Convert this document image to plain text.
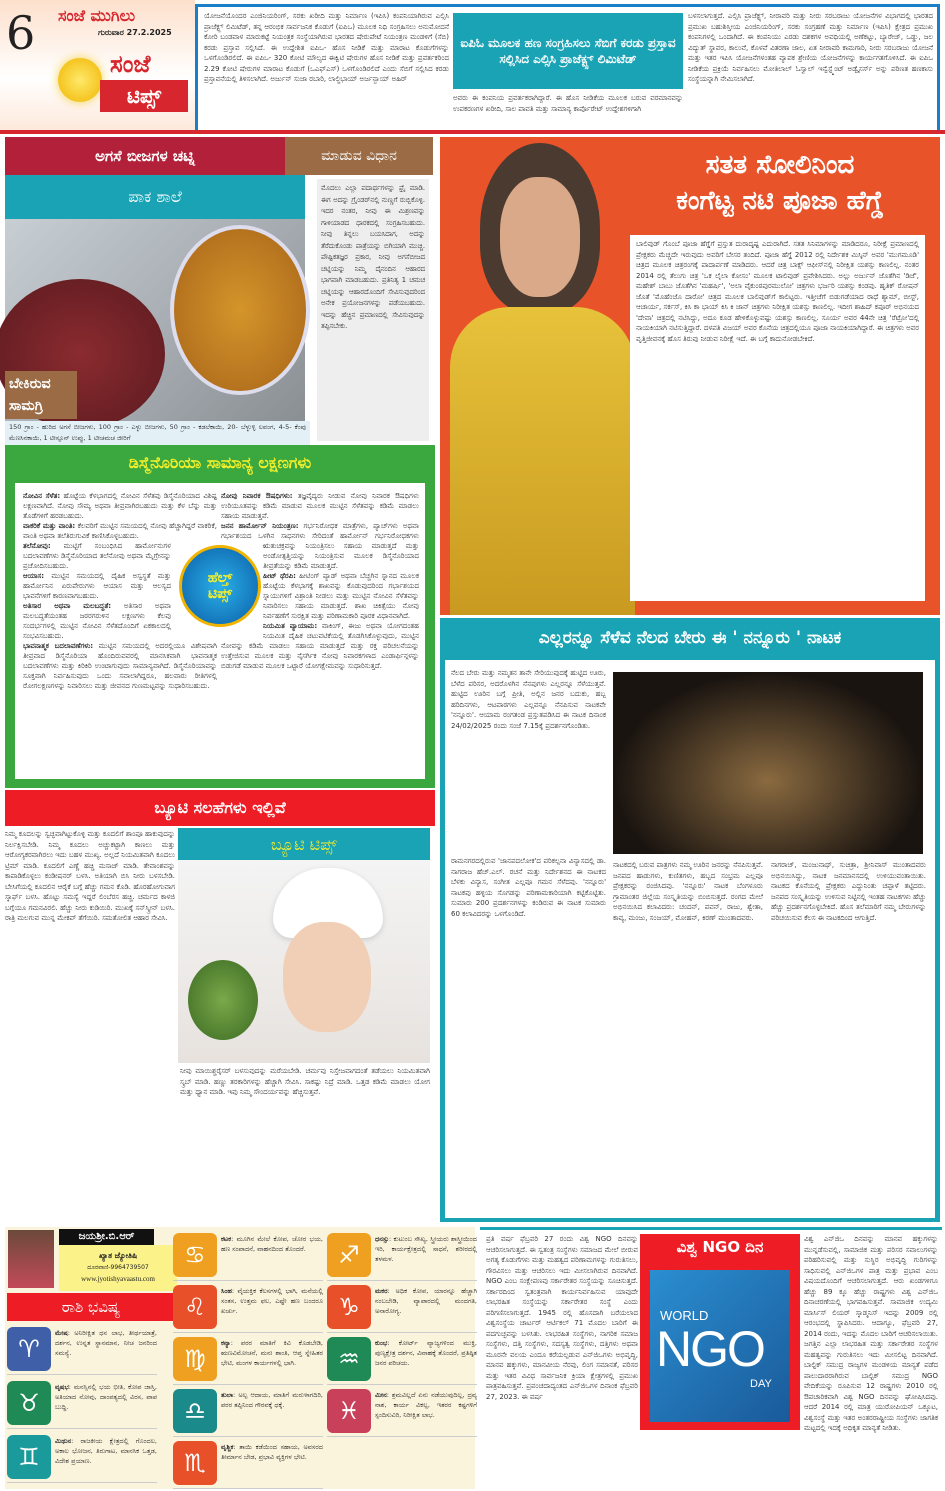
6 ಸಂಜೆ ಮುಗಿಲು
ಗುರುವಾರ 27.2.2025
ಸಂಜೆ
ಟಿಪ್ಸ್
ಯೋಜನೆಯೊಂದರ ಎಂಜಿನಿಯರಿಂಗ್, ಸರಕು ಖರೀದಿ ಮತ್ತು ನಿರ್ಮಾಣ (ಇಪಿಸಿ) ಕಂಪನಿಯಾಗಿರುವ ಎಲ್ಸಿಸಿ ಪ್ರಾಜೆಕ್ಟ್ಸ್ ಲಿಮಿಟೆಡ್, ತನ್ನ ಆರಂಭಿಕ ಸಾರ್ವಜನಿಕ ಕೊಡುಗೆ (ಐಪಿಒ) ಮೂಲಕ ನಿಧಿ ಸಂಗ್ರಹಿಸಲು ಅನುಮೋದನೆ ಕೋರಿ ಬಂಡವಾಳ ಮಾರುಕಟ್ಟೆ ನಿಯಂತ್ರಕ ಸಂಸ್ಥೆಯಾಗಿರುವ ಭಾರತದ ಷೇರುಪೇಟೆ ನಿಯಂತ್ರಣ ಮಂಡಳಿಗೆ (ಸೆಬಿ) ಕರಡು ಪ್ರಸ್ತಾವ ಸಲ್ಲಿಸಿದೆ. ಈ ಉದ್ದೇಶಿತ ಐಪಿಒ- ಹೊಸ ನೀಡಿಕೆ ಮತ್ತು ಮಾರಾಟ ಕೊಡುಗೆಗಳನ್ನು ಒಳಗೊಂಡಿರಲಿದೆ. ಈ ಐಪಿಒ- 320 ಕೋಟಿ ಮೌಲ್ಯದ ಈಕ್ವಿಟಿ ಷೇರುಗಳ ಹೊಸ ನೀಡಿಕೆ ಮತ್ತು ಪ್ರವರ್ತಕರಿಂದ 2.29 ಕೋಟಿ ಷೇರುಗಳ ಮಾರಾಟ ಕೊಡುಗೆ (ಒಎಫ್ಎಸ್) ಒಳಗೊಂಡಿರಲಿದೆ ಎಂದು ಸೆಬಿಗೆ ಸಲ್ಲಿಸಿದ ಕರಡು ಪ್ರಸ್ತಾವನೆಯಲ್ಲಿ ತಿಳಿಸಲಾಗಿದೆ. ಅರ್ಜುನ್ ಸುಜಾ ರಬಾರಿ, ಲಾಲ್ಜಿಭಾಯ್ ಅರ್ಜನ್ಭಾಯ್ ಅಹಿರ್
ಐಪಿಓ ಮೂಲಕ ಹಣ ಸಂಗ್ರಹಿಸಲು ಸೆಬಿಗೆ ಕರಡು ಪ್ರಸ್ತಾವ ಸಲ್ಲಿಸಿದ ಎಲ್ಸಿಸಿ ಪ್ರಾಜೆಕ್ಟ್ಸ್ ಲಿಮಿಟೆಡ್
ಅವರು ಈ ಕಂಪನಿಯ ಪ್ರವರ್ತಕರಾಗಿದ್ದಾರೆ. ಈ ಹೊಸ ನೀಡಿಕೆಯ ಮೂಲಕ ಬರುವ ವರಮಾನವನ್ನು ಉಪಕರಣಗಳ ಖರೀದಿ, ಸಾಲ ಪಾವತಿ ಮತ್ತು ಸಾಮಾನ್ಯ ಕಾರ್ಪೊರೇಟ್ ಉದ್ದೇಶಗಳಿಗಾಗಿ
ಬಳಸಲಾಗುತ್ತದೆ. ಎಲ್ಸಿಸಿ ಪ್ರಾಜೆಕ್ಟ್ಸ್, ನೀರಾವರಿ ಮತ್ತು ನೀರು ಸರಬರಾಜು ಯೋಜನೆಗಳ ವಿಭಾಗದಲ್ಲಿ ಭಾರತದ ಪ್ರಮುಖ ಬಹುಶಿಸ್ತೀಯ ಎಂಜಿನಿಯರಿಂಗ್, ಸರಕು ಸಂಗ್ರಹಣೆ ಮತ್ತು ನಿರ್ಮಾಣ (ಇಪಿಸಿ) ಕ್ಷೇತ್ರದ ಪ್ರಮುಖ ಕಂಪನಿಗಳಲ್ಲಿ ಒಂದಾಗಿದೆ. ಈ ಕಂಪನಿಯು ಎರಡು ದಶಕಗಳ ಅವಧಿಯಲ್ಲಿ ಅಣೆಕಟ್ಟು, ಬ್ಯಾರೇಜ್, ಒಡ್ಡು, ಜಲ ವಿದ್ಯುತ್ ಸ್ಥಾವರ, ಕಾಲುವೆ, ಕೊಳವೆ ವಿತರಣಾ ಜಾಲ, ಏತ ನೀರಾವರಿ ಕಾಮಗಾರಿ, ನೀರು ಸರಬರಾಜು ಯೋಜನೆ ಮತ್ತು ಇತರ ಇಪಿಸಿ ಯೋಜನೆಗಳಂತಹ ವ್ಯಾಪಕ ಶ್ರೇಣಿಯ ಯೋಜನೆಗಳನ್ನು ಕಾರ್ಯಗತಗೊಳಿಸಿದೆ. ಈ ಐಪಿಒ ನೀಡಿಕೆಯ ಪ್ರಕ್ರಿಯೆ ನಿರ್ವಹಿಸಲು ಮೋತಿಲಾಲ್ ಓಸ್ವಾಲ್ ಇನ್ವೆಸ್ಟ್ಮೆಂಟ್ ಅಡ್ವೈಸರ್ಸ್ ಅನ್ನು ಪರಿಣತ ಹಣಕಾಸು ಸಂಸ್ಥೆಯನ್ನಾಗಿ ನೇಮಿಸಲಾಗಿದೆ.
ಅಗಸೆ ಬೀಜಗಳ ಚಟ್ನಿ	ಮಾಡುವ ವಿಧಾನ
ಪಾಕ ಶಾಲೆ
ಬೇಕಿರುವ ಸಾಮಗ್ರಿ
150 ಗ್ರಾಂ - ಹುರಿದ ಅಗಸೆ ಬೀಜಗಳು, 100 ಗ್ರಾಂ - ಎಳ್ಳು ಬೀಜಗಳು, 50 ಗ್ರಾಂ - ಕಡಲೆಕಾಯಿ, 20- ಬೆಳ್ಳುಳ್ಳಿ ಲವಂಗ, 4-5- ಕೆಂಪು ಮೆಣಸಿನಕಾಯಿ, 1 ಟೀಸ್ಪೂನ್ ಉಪ್ಪು, 1 ಟೀಚಮಚ ಜೀರಿಗೆ
ಮೊದಲು ಎಲ್ಲಾ ಪದಾರ್ಥಗಳನ್ನು ಫ್ರೈ ಮಾಡಿ. ಈಗ ಅದನ್ನು ಗ್ರೈಂಡರ್‌ನಲ್ಲಿ ನುಣ್ಣಗೆ ರುಬ್ಬಿಕೊಳ್ಳಿ. ಇದರ ನಂತರ, ನೀವು ಈ ಮಿಶ್ರಣವನ್ನು ಗಾಳಿಯಾಡದ ಧಾರಕದಲ್ಲಿ ಸಂಗ್ರಹಿಸಬಹುದು. ನೀವು ತಿನ್ನಲು ಬಯಸಿದಾಗ, ಅದನ್ನು ತೆರೆದುಕೊಂಡು ಪಾತ್ರೆಯನ್ನು ಬಿಗಿಯಾಗಿ ಮುಚ್ಚಿ. ಪೌಷ್ಟಿಕತಜ್ಞರ ಪ್ರಕಾರ, ನೀವು ಅಗಸೆಬೀಜದ ಚಟ್ನಿಯನ್ನು ನಿಮ್ಮ ದೈನಂದಿನ ಆಹಾರದ ಭಾಗವಾಗಿ ಮಾಡಬಹುದು. ಪ್ರತಿನಿತ್ಯ 1 ಚಮಚ ಚಟ್ನಿಯನ್ನು ಆಹಾರದೊಂದಿಗೆ ಸೇವಿಸುವುದರಿಂದ ಅನೇಕ ಪ್ರಯೋಜನಗಳನ್ನು ಪಡೆಯಬಹುದು. ಇದನ್ನು ಹೆಚ್ಚಿನ ಪ್ರಮಾಣದಲ್ಲಿ ಸೇವಿಸುವುದನ್ನು ತಪ್ಪಿಸಬೇಕು.
ಡಿಸ್ಮೆನೊರಿಯಾ ಸಾಮಾನ್ಯ ಲಕ್ಷಣಗಳು
ನೋವಿನ ಸೆಳೆತ: ಹೊಟ್ಟೆಯ ಕೆಳಭಾಗದಲ್ಲಿ ನೋವಿನ ಸೆಳೆತವು ಡಿಸ್ಮೆನೊರಿಯಾದ ವಿಶಿಷ್ಟ ಲಕ್ಷಣವಾಗಿದೆ. ನೋವು ಸೌಮ್ಯ ಅಥವಾ ತೀವ್ರವಾಗಿರಬಹುದು ಮತ್ತು ಕೆಳ ಬೆನ್ನು ಮತ್ತು ತೊಡೆಗಳಿಗೆ ಹರಡಬಹುದು.
ವಾಕರಿಕೆ ಮತ್ತು ವಾಂತಿ: ಕೆಲವರಿಗೆ ಮುಟ್ಟಿನ ಸಮಯದಲ್ಲಿ ನೋವು ಹೆಚ್ಚಾಗಿದ್ದರೆ ವಾಕರಿಕೆ, ವಾಂತಿ ಅಥವಾ ತಲೆತಿರುಗುವಿಕೆ ಕಾಣಿಸಿಕೊಳ್ಳಬಹುದು.
ತಲೆನೋವು: ಮುಟ್ಟಿಗೆ ಸಂಬಂಧಿಸಿದ ಹಾರ್ಮೋನುಗಳ ಬದಲಾವಣೆಗಳು ಡಿಸ್ಮೆನೊರಿಯಾದ ತಲೆನೋವು ಅಥವಾ ಮೈಗ್ರೇನನ್ನು ಪ್ರಚೋದಿಸಬಹುದು.
ಆಯಾಸ: ಮುಟ್ಟಿನ ಸಮಯದಲ್ಲಿ ದೈಹಿಕ ಅಸ್ವಸ್ಥತೆ ಮತ್ತು ಹಾರ್ಮೋನಿನ ಏರುಪೇರುಗಳು ಆಯಾಸ ಮತ್ತು ಆಲಸ್ಯದ ಭಾವನೆಗಳಿಗೆ ಕಾರಣವಾಗಬಹುದು.
ಅತಿಸಾರ ಅಥವಾ ಮಲಬದ್ಧತೆ: ಅತಿಸಾರ ಅಥವಾ ಮಲಬದ್ಧತೆಯಂತಹ ಜಠರಗರುಳಿನ ಲಕ್ಷಣಗಳು ಕೆಲವು ಸಂದರ್ಭಗಳಲ್ಲಿ ಮುಟ್ಟಿನ ನೋವಿನ ಸೆಳೆತದೊಂದಿಗೆ ಏಕಕಾಲದಲ್ಲಿ ಸಂಭವಿಸಬಹುದು.
ಭಾವನಾತ್ಮಕ ಬದಲಾವಣೆಗಳು: ಮುಟ್ಟಿನ ಸಮಯದಲ್ಲಿ ಅದರಲ್ಲಿಯೂ ವಿಶೇಷವಾಗಿ ತೀವ್ರವಾದ ಡಿಸ್ಮೆನೊರಿಯಾ ಹೊಂದಿರುವವರಲ್ಲಿ ಮಾನಸಿಕವಾಗಿ ಭಾವನಾತ್ಮಕ ಬದಲಾವಣೆಗಳು ಮತ್ತು ಕಿರಿಕಿರಿ ಉಂಟಾಗುವುದು ಸಾಮಾನ್ಯವಾಗಿದೆ. ಡಿಸ್ಮೆನೊರಿಯಾವನ್ನು ಸೂಕ್ತವಾಗಿ ನಿರ್ವಹಿಸುವುದು ಒಂದು ಸವಾಲಾಗಿದ್ದರೂ, ಹಲವಾರು ರೀತಿಗಳಲ್ಲಿ ರೋಗಲಕ್ಷಣಗಳನ್ನು ನಿವಾರಿಸಲು ಮತ್ತು ಜೀವನದ ಗುಣಮಟ್ಟವನ್ನು ಸುಧಾರಿಸಬಹುದು.
ನೋವು ನಿವಾರಕ ಔಷಧಿಗಳು: ತಜ್ಞವೈದ್ಯರು ನೀಡುವ ನೋವು ನಿವಾರಕ ಔಷಧಿಗಳು ಉರಿಯೂತವನ್ನು ಕಡಿಮೆ ಮಾಡುವ ಮೂಲಕ ಮುಟ್ಟಿನ ಸೆಳೆತವನ್ನು ಕಡಿಮೆ ಮಾಡಲು ಸಹಾಯ ಮಾಡುತ್ತವೆ.
ಜನನ ಹಾರ್ಮೋನ್ ನಿಯಂತ್ರಣ: ಗರ್ಭನಿರೋಧಕ ಮಾತ್ರೆಗಳು, ಪ್ಯಾಚ್‌ಗಳು ಅಥವಾ ಗರ್ಭಾಶಯದ ಒಳಗಿನ ಸಾಧನಗಳು ಸೇರಿದಂತೆ ಹಾರ್ಮೋನ್ ಗರ್ಭನಿರೋಧಕಗಳು ಋತುಚಕ್ರವನ್ನು ನಿಯಂತ್ರಿಸಲು ಸಹಾಯ ಮಾಡುತ್ತದೆ ಮತ್ತು ಅಂಡೋತ್ಪತ್ತಿಯನ್ನು ನಿಯಂತ್ರಿಸುವ ಮೂಲಕ ಡಿಸ್ಮೆನೊರಿಯಾದ ತೀವ್ರತೆಯನ್ನು ಕಡಿಮೆ ಮಾಡುತ್ತದೆ.
ಹೀಟ್ ಥೆರಪಿ: ಹೀಟಿಂಗ್ ಪ್ಯಾಡ್ ಅಥವಾ ಬೆಚ್ಚಗಿನ ಸ್ನಾನದ ಮೂಲಕ ಹೊಟ್ಟೆಯ ಕೆಳಭಾಗಕ್ಕೆ ಶಾಖವನ್ನು ಕೊಡುವುದರಿಂದ ಗರ್ಭಾಶಯದ ಸ್ನಾಯುಗಳಿಗೆ ವಿಶ್ರಾಂತಿ ನೀಡಲು ಮತ್ತು ಮುಟ್ಟಿನ ನೋವಿನ ಸೆಳೆತವನ್ನು ನಿವಾರಿಸಲು ಸಹಾಯ ಮಾಡುತ್ತದೆ. ಶಾಖ ಚಿಕಿತ್ಸೆಯು ನೋವು ನಿರ್ವಹಣೆಗೆ ಸುರಕ್ಷಿತ ಮತ್ತು ಪರಿಣಾಮಕಾರಿ ಪೂರಕ ವಿಧಾನವಾಗಿದೆ.
ನಿಯಮಿತ ವ್ಯಾಯಾಮ: ವಾಕಿಂಗ್, ಈಜು ಅಥವಾ ಯೋಗದಂತಹ ನಿಯಮಿತ ದೈಹಿಕ ಚಟುವಟಿಕೆಯಲ್ಲಿ ತೊಡಗಿಸಿಕೊಳ್ಳುವುದು, ಮುಟ್ಟಿನ ನೋವನ್ನು ಕಡಿಮೆ ಮಾಡಲು ಸಹಾಯ ಮಾಡುತ್ತದೆ ಮತ್ತು ರಕ್ತ ಪರಿಚಲನೆಯನ್ನು ಉತ್ತೇಜಿಸುವ ಮೂಲಕ ಮತ್ತು ನೈಸರ್ಗಿಕ ನೋವು ನಿವಾರಕಗಳಾದ ಎಂಡಾರ್ಫಿನ್ಗಳನ್ನು ಬಿಡುಗಡೆ ಮಾಡುವ ಮೂಲಕ ಒಟ್ಟಾರೆ ಯೋಗಕ್ಷೇಮವನ್ನು ಸುಧಾರಿಸುತ್ತದೆ.
ಹೆಲ್ತ್
ಟಿಪ್ಸ್
ಬ್ಯೂಟಿ ಸಲಹೆಗಳು ಇಲ್ಲಿವೆ
ನಿಮ್ಮ ಕೂದಲನ್ನು ಸ್ವಚ್ಛವಾಗಿಟ್ಟುಕೊಳ್ಳಿ ಮತ್ತು ಕೂದಲಿಗೆ ಶಾಂಪೂ ಹಾಕುವುದನ್ನು ನಿರ್ಲಕ್ಷಿಸಬೇಡಿ. ನಿಮ್ಮ ಕೂದಲು ಅಚ್ಚುಕಟ್ಟಾಗಿ ಕಾಣಲು ಮತ್ತು ಆರೋಗ್ಯಕರವಾಗಿರಲು ಇದು ಬಹಳ ಮುಖ್ಯ. ಅಲ್ಲದೆ ನಿಯಮಿತವಾಗಿ ಕೂದಲು ಟ್ರಿಮ್ ಮಾಡಿ. ಕೂದಲಿಗೆ ಎಣ್ಣೆ ಹಚ್ಚಿ ಮಸಾಜ್ ಮಾಡಿ. ತೇವಾಂಶವನ್ನು ಕಾಪಾಡಿಕೊಳ್ಳಲು ಕಂಡೀಷನರ್ ಬಳಸಿ. ಅತಿಯಾಗಿ ಬಿಸಿ ನೀರು ಬಳಸಬೇಡಿ. ಬೇಸಿಗೆಯಲ್ಲಿ ಕೂದಲಿನ ಆರೈಕೆ ಬಗ್ಗೆ ಹೆಚ್ಚು ಗಮನ ಕೊಡಿ. ಹೊರಹೋಗುವಾಗ ಸ್ಕಾರ್ಫ್ ಬಳಸಿ. ಹೊಟ್ಟು ಸಮಸ್ಯೆ ಇದ್ದರೆ ಲಿಂಬೆರಸ ಹಚ್ಚಿ. ಚರ್ಮದ ಕಾಳಜಿ ಬಗ್ಗೆಯೂ ಗಮನವಿರಲಿ. ಹೆಚ್ಚು ನೀರು ಕುಡಿಯಿರಿ. ಮುಖಕ್ಕೆ ಸನ್‌ಸ್ಕ್ರೀನ್ ಬಳಸಿ. ರಾತ್ರಿ ಮಲಗುವ ಮುನ್ನ ಮೇಕಪ್ ತೆಗೆಯಿರಿ. ಸಮತೋಲಿತ ಆಹಾರ ಸೇವಿಸಿ.
ಬ್ಯೂಟಿ ಟಿಪ್ಸ್
ನೀವು ಮಾಯಿಶ್ಚರೈಸರ್ ಬಳಸುವುದನ್ನು ಮರೆಯಬೇಡಿ. ಚರ್ಮವು ನಿಸ್ತೇಜವಾಗದಂತೆ ತಡೆಯಲು ನಿಯಮಿತವಾಗಿ ಸ್ಕ್ರಬ್ ಮಾಡಿ. ಹಣ್ಣು ತರಕಾರಿಗಳನ್ನು ಹೆಚ್ಚಾಗಿ ಸೇವಿಸಿ. ಸಾಕಷ್ಟು ನಿದ್ರೆ ಮಾಡಿ. ಒತ್ತಡ ಕಡಿಮೆ ಮಾಡಲು ಯೋಗ ಮತ್ತು ಧ್ಯಾನ ಮಾಡಿ. ಇವು ನಿಮ್ಮ ಸೌಂದರ್ಯವನ್ನು ಹೆಚ್ಚಿಸುತ್ತವೆ.
ಸತತ ಸೋಲಿನಿಂದ
ಕಂಗೆಟ್ಟ ನಟಿ ಪೂಜಾ ಹೆಗ್ಡೆ
ಬಾಲಿವುಡ್ ಗೊಂಬೆ ಪೂಜಾ ಹೆಗ್ಡೆಗೆ ಪ್ರಸ್ತುತ ದುರಾದೃಷ್ಟ ಎದುರಾಗಿದೆ. ಸತತ ಸಿನಿಮಾಗಳನ್ನು ಮಾಡಿದರೂ, ನಿರೀಕ್ಷೆ ಪ್ರಮಾಣದಲ್ಲಿ ಪ್ರೇಕ್ಷಕರು ಮೆಚ್ಚದೇ ಇರುವುದು ಅವರಿಗೆ ಬೇಸರ ತಂದಿದೆ. ಪೂಜಾ ಹೆಗ್ಡೆ 2012 ರಲ್ಲಿ ನಿರ್ದೇಶಕ ಮಿಸ್ಕಿನ್ ಅವರ 'ಮುಗಮೂಡಿ' ಚಿತ್ರದ ಮೂಲಕ ಚಿತ್ರರಂಗಕ್ಕೆ ಪಾದಾರ್ಪಣೆ ಮಾಡಿದರು. ಆದರೆ ಚಿತ್ರ ಬಾಕ್ಸ್ ಆಫೀಸ್‌ನಲ್ಲಿ ನಿರೀಕ್ಷಿತ ಯಶಸ್ಸು ಕಾಣಲಿಲ್ಲ. ನಂತರ 2014 ರಲ್ಲಿ ತೆಲುಗು ಚಿತ್ರ 'ಒಕ ಲೈಲಾ ಕೋಸಂ' ಮೂಲಕ ಟಾಲಿವುಡ್ ಪ್ರವೇಶಿಸಿದರು. ಅಲ್ಲು ಅರ್ಜುನ್ ಜೊತೆಗಿನ 'ಡಿಜೆ', ಮಹೇಶ್ ಬಾಬು ಜೊತೆಗಿನ 'ಮಹರ್ಷಿ', 'ಅಲಾ ವೈಕುಂಠಪುರಮುಲೋ' ಚಿತ್ರಗಳು ಭರ್ಜರಿ ಯಶಸ್ಸು ಕಂಡವು. ಹೃತಿಕ್ ರೋಷನ್ ಜೊತೆ 'ಮೊಹೆಂಜೊ ದಾರೋ' ಚಿತ್ರದ ಮೂಲಕ ಬಾಲಿವುಡ್‌ಗೆ ಕಾಲಿಟ್ಟರು. ಇತ್ತೀಚೆಗೆ ಬಿಡುಗಡೆಯಾದ ರಾಧೆ ಶ್ಯಾಮ್, ಬೀಸ್ಟ್, ಆಚಾರ್ಯ, ಸರ್ಕಸ್, ಕಿಸಿ ಕಾ ಭಾಯ್ ಕಿಸಿ ಕಿ ಜಾನ್ ಚಿತ್ರಗಳು ನಿರೀಕ್ಷಿತ ಯಶಸ್ಸು ಕಾಣಲಿಲ್ಲ. ಇದೀಗ ಶಾಹಿದ್ ಕಪೂರ್ ಅಭಿನಯದ 'ದೇವಾ' ಚಿತ್ರದಲ್ಲಿ ನಟಿಸಿದ್ದು, ಅದೂ ಕೂಡ ಹೇಳಿಕೊಳ್ಳುವಷ್ಟು ಯಶಸ್ಸು ಕಾಣಲಿಲ್ಲ. ಸೂರ್ಯ ಅವರ 44ನೇ ಚಿತ್ರ 'ರೆಟ್ರೋ'ದಲ್ಲಿ ನಾಯಕಿಯಾಗಿ ನಟಿಸುತ್ತಿದ್ದಾರೆ. ದಳಪತಿ ವಿಜಯ್ ಅವರ ಕೊನೆಯ ಚಿತ್ರದಲ್ಲಿಯೂ ಪೂಜಾ ನಾಯಕಿಯಾಗಿದ್ದಾರೆ. ಈ ಚಿತ್ರಗಳು ಅವರ ವೃತ್ತಿಜೀವನಕ್ಕೆ ಹೊಸ ತಿರುವು ನೀಡುವ ನಿರೀಕ್ಷೆ ಇದೆ. ಈ ಬಗ್ಗೆ ಕಾದುನೋಡಬೇಕಿದೆ.
ಎಲ್ಲರನ್ನೂ ಸೆಳೆವ ನೆಲದ ಬೇರು ಈ ' ನನ್ನೂರು ' ನಾಟಕ
ನೆಲದ ಬೇರು ಮತ್ತು ನಮ್ಮತನ ತಾನೇ ಸೇರಿಯುವುದಕ್ಕೆ ಹುಟ್ಟಿದ ಊರು, ಬೆಳೆದ ಪರಿಸರ, ಅದರೊಳಗಿನ ನೆನಪುಗಳು ಎಲ್ಲರನ್ನೂ ಸೆಳೆಯುತ್ತವೆ. ಹುಟ್ಟಿದ ಊರಿನ ಬಗ್ಗೆ ಪ್ರೀತಿ, ಅಲ್ಲಿನ ಜನರ ಬದುಕು, ಹಬ್ಬ ಹರಿದಿನಗಳು, ಆಟಪಾಠಗಳು ಎಲ್ಲವನ್ನೂ ನೆನಪಿಸುವ ನಾಟಕವೇ 'ನನ್ನೂರು'. ಆಯಾಮ ರಂಗತಂಡ ಪ್ರಸ್ತುತಪಡಿಸಿದ ಈ ನಾಟಕ ದಿನಾಂಕ 24/02/2025 ರಂದು ಸಂಜೆ 7.15ಕ್ಕೆ ಪ್ರದರ್ಶನಗೊಂಡಿತು.
ರಾಮನಗರದಲ್ಲಿರುವ 'ಜಾನಪದಲೋಕ'ದ ಪರಿಕಲ್ಪನಾ ವಿನ್ಯಾಸದಲ್ಲಿ ಡಾ. ನಾಗರಾಜ ಹೆಚ್.ಎಲ್. ರಚನೆ ಮತ್ತು ನಿರ್ದೇಶನದ ಈ ನಾಟಕದ ಬೆಳಕು ವಿನ್ಯಾಸ, ಸಂಗೀತ ಎಲ್ಲವೂ ಗಮನ ಸೆಳೆದವು. 'ನನ್ನೂರು' ನಾಟಕವು ಹಳ್ಳಿಯ ಸೊಗಡನ್ನು ಪರಿಣಾಮಕಾರಿಯಾಗಿ ಕಟ್ಟಿಕೊಟ್ಟಿತು. ಸುಮಾರು 200 ಪ್ರದರ್ಶನಗಳನ್ನು ಕಂಡಿರುವ ಈ ನಾಟಕ ಸುಮಾರು 60 ಕಲಾವಿದರನ್ನು ಒಳಗೊಂಡಿದೆ.
ನಾಟಕದಲ್ಲಿ ಬರುವ ಪಾತ್ರಗಳು ನಮ್ಮ ಊರಿನ ಜನರನ್ನು ನೆನಪಿಸುತ್ತವೆ. ಜನಪದ ಹಾಡುಗಳು, ಕುಣಿತಗಳು, ಹಬ್ಬದ ಸಂಭ್ರಮ ಎಲ್ಲವೂ ಪ್ರೇಕ್ಷಕರನ್ನು ರಂಜಿಸಿದವು. 'ನನ್ನೂರು' ನಾಟಕ ಬೆಂಗಳೂರು ಗ್ರಾಮಾಂತರ ಜಿಲ್ಲೆಯ ಸಂಸ್ಕೃತಿಯನ್ನು ಬಿಂಬಿಸುತ್ತದೆ. ರಂಗದ ಮೇಲೆ ಅಭಿನಯಿಸಿದ ಕಲಾವಿದರು: ಚಂದನ್, ಪವನ್, ರಾಜು, ಶ್ವೇತಾ, ಕಾವ್ಯ, ಮಂಜು, ಸಂಜಯ್, ಮೋಹನ್, ಕಿರಣ್ ಮುಂತಾದವರು.
ನಾಗರಾಜ್, ಮಂಜುನಾಥ್, ಸುಚಿತ್ರಾ, ಶ್ರೀನಿವಾಸ್ ಮುಂತಾದವರು ಅಭಿನಯಿಸಿದ್ದು, ನಾಟಕ ಜನಮಾನಸದಲ್ಲಿ ಉಳಿಯುವಂತಾಯಿತು. ನಾಟಕದ ಕೊನೆಯಲ್ಲಿ ಪ್ರೇಕ್ಷಕರು ಎದ್ದುನಿಂತು ಚಪ್ಪಾಳೆ ತಟ್ಟಿದರು. ಜನಪದ ಸಂಸ್ಕೃತಿಯನ್ನು ಉಳಿಸುವ ನಿಟ್ಟಿನಲ್ಲಿ ಇಂತಹ ನಾಟಕಗಳು ಹೆಚ್ಚು ಹೆಚ್ಚು ಪ್ರದರ್ಶನಗೊಳ್ಳಬೇಕಿದೆ. ಹೊಸ ತಲೆಮಾರಿಗೆ ನಮ್ಮ ಬೇರುಗಳನ್ನು ಪರಿಚಯಿಸುವ ಕೆಲಸ ಈ ನಾಟಕದಿಂದ ಆಗುತ್ತಿದೆ.
ಜಯಶ್ರೀ.ಬಿ.ಆರ್
ಖ್ಯಾತ ಜ್ಯೋತಿಷಿ
ದೂರವಾಣಿ-9964739507
www.jyotishyavaastu.com
ರಾಶಿ ಭವಿಷ್ಯ
♈
ಮೇಷ: ಅನಿರೀಕ್ಷಿತ ಧನ ಲಾಭ, ತೀರ್ಥಯಾತ್ರೆ, ದರ್ಶನ, ಉನ್ನತ ಸ್ಥಾನಮಾನ, ನೀಚ ಜನರಿಂದ ಸಮಸ್ಯೆ.
♉
ವೃಷಭ: ಮನಸ್ಸಿನಲ್ಲಿ ಭಯ ಭೀತಿ, ಕೋಪ ಜಾಸ್ತಿ, ಅತಿಯಾದ ನೋವು, ದಾಂಪತ್ಯದಲ್ಲಿ ವಿರಸ, ಪಾಪ ಬುದ್ಧಿ.
♊
ಮಿಥುನ: ರಾಜಕೀಯ ಕ್ಷೇತ್ರದಲ್ಲಿ ಗೊಂದಲ, ಅಕಾಲ ಭೋಜನ, ತಿರುಗಾಟ, ಮಾನಸಿಕ ಒತ್ತಡ, ವಿದೇಶ ಪ್ರಯಾಣ.
♋
ಕಟಕ: ಮೂಗಿನ ಮೇಲೆ ಕೋಪ, ಚೋರ ಭಯ, ಹಣ ಸಂಪಾದನೆ, ವಾಹನದಿಂದ ತೊಂದರೆ.
♌
ಸಿಂಹ: ವೈಯಕ್ತಿಕ ಕೆಲಸಗಳಲ್ಲಿ ಭಾಗಿ, ಮನೆಯಲ್ಲಿ ಸಂತಸ, ಉತ್ತಮ ಫಲ, ಎಷ್ಟೇ ಹಣ ಬಂದರೂ ಖರ್ಚು.
♍
ಕನ್ಯಾ: ಪರರ ಮಾತಿಗೆ ಕಿವಿ ಕೊಡಬೇಡಿ, ಋಣವಿಮೋಚನೆ, ಮನಃ ಶಾಂತಿ, ಆಪ್ತ ಸ್ನೇಹಿತರ ಭೇಟಿ, ಮಂಗಳ ಕಾರ್ಯಗಳಲ್ಲಿ ಭಾಗಿ.
♎
ತುಲಾ: ಅಲ್ಪ ಆದಾಯ, ಮಾತಿಗೆ ಮರುಳಾಗದಿರಿ, ಪರರ ತಪ್ಪಿನಿಂದ ಗೌರವಕ್ಕೆ ಧಕ್ಕೆ.
♏
ವೃಶ್ಚಿಕ: ತಾಯಿ ಕಡೆಯಿಂದ ಸಹಾಯ, ಅವಸರದ ತೀರ್ಮಾನ ಬೇಡ, ಪ್ರಭಾವಿ ವ್ಯಕ್ತಿಗಳ ಭೇಟಿ.
♐
ಧನಸ್ಸು: ಕುಟುಂಬ ಸೌಖ್ಯ, ಸ್ತ್ರೀಯರು ಶಾಸ್ತ್ರೀಯಿಂದ ಇರಿ, ಕಾರ್ಯಕ್ಷೇತ್ರದಲ್ಲಿ ಸಾಧನೆ, ಶರೀರದಲ್ಲಿ ತಳಮಳ.
♑
ಮಕರ: ಅಧಿಕ ಕೋಪ, ಯಾರನ್ನೂ ಹೆಚ್ಚಾಗಿ ನಂಬಬೇಡಿ, ವ್ಯಾಪಾರದಲ್ಲಿ ಮಂದಗತಿ, ಅನಾರೋಗ್ಯ.
♒
ಕುಂಭ: ಕೋರ್ಟ್ ವ್ಯಾಜ್ಯಗಳಿಂದ ಮುಕ್ತಿ, ಪುಣ್ಯಕ್ಷೇತ್ರ ದರ್ಶನ, ವಿವಾಹಕ್ಕೆ ತೊಂದರೆ, ಪ್ರತಿಷ್ಠಿತ ಜನರ ಪರಿಚಯ.
♓
ಮೀನ: ಶ್ರಮವಿಲ್ಲದೆ ಏನು ನಡೆಯುವುದಿಲ್ಲ, ದ್ರವ್ಯ ನಾಶ, ಕಾರ್ಯ ವಿಕಲ್ಪ, ಇತರರ ಕಷ್ಟಗಳಿಗೆ ಸ್ಪಂದಿಸುವಿರಿ, ನಿರೀಕ್ಷಿತ ಲಾಭ.
ಪ್ರತಿ ವರ್ಷ ಫೆಬ್ರವರಿ 27 ರಂದು ವಿಶ್ವ NGO ದಿನವನ್ನು ಆಚರಿಸಲಾಗುತ್ತದೆ. ಈ ಸ್ವತಂತ್ರ ಸಂಸ್ಥೆಗಳು ಸಮಾಜದ ಮೇಲೆ ಬೀರುವ ಅಗತ್ಯ ಕೊಡುಗೆಗಳು ಮತ್ತು ಮಹತ್ವದ ಪರಿಣಾಮಗಳನ್ನು ಗುರುತಿಸಲು, ಗೌರವಿಸಲು ಮತ್ತು ಆಚರಿಸಲು ಇದು ಮೀಸಲಾಗಿರುವ ದಿನವಾಗಿದೆ. NGO ಎಂಬ ಸಂಕ್ಷೇಪಣವು ಸರ್ಕಾರೇತರ ಸಂಸ್ಥೆಯನ್ನು ಸೂಚಿಸುತ್ತದೆ. ಸರ್ಕಾರದಿಂದ ಸ್ವತಂತ್ರವಾಗಿ ಕಾರ್ಯನಿರ್ವಹಿಸುವ ಯಾವುದೇ ಲಾಭರಹಿತ ಸಂಸ್ಥೆಯನ್ನು ಸರ್ಕಾರೇತರ ಸಂಸ್ಥೆ ಎಂದು ಪರಿಗಣಿಸಲಾಗುತ್ತದೆ. 1945 ರಲ್ಲಿ ಹೊಸದಾಗಿ ಬರೆಯಲಾದ ವಿಶ್ವಸಂಸ್ಥೆಯ ಚಾರ್ಟರ್ ಆರ್ಟಿಕಲ್ 71 ಮೊದಲ ಬಾರಿಗೆ ಈ ಪದಗುಚ್ಛವನ್ನು ಬಳಸಿತು. ಲಾಭರಹಿತ ಸಂಸ್ಥೆಗಳು, ನಾಗರಿಕ ಸಮಾಜ ಸಂಸ್ಥೆಗಳು, ದತ್ತಿ ಸಂಸ್ಥೆಗಳು, ಸದಸ್ಯತ್ವ ಸಂಸ್ಥೆಗಳು, ದತ್ತಿಗಳು ಅಥವಾ ಮೂರನೇ ವಲಯ ಎಂದೂ ಕರೆಯಲ್ಪಡುವ ಎನ್‌ಜಿಒಗಳು ಅಭಿವೃದ್ಧಿ, ಮಾನವ ಹಕ್ಕುಗಳು, ಮಾನವೀಯ ನೆರವು, ಲಿಂಗ ಸಮಾನತೆ, ಪರಿಸರ ಮತ್ತು ಇತರ ವಿವಿಧ ಸಾರ್ವಜನಿಕ ಕ್ರಿಯಾ ಕ್ಷೇತ್ರಗಳಲ್ಲಿ ಪ್ರಮುಖ ಪಾತ್ರವಹಿಸುತ್ತವೆ. ಪ್ರಪಂಚದಾದ್ಯಂತದ ಎನ್‌ಜಿಒಗಳ ದಿನಾಂಕ ಫೆಬ್ರವರಿ 27, 2023. ಈ ವರ್ಷ
ವಿಶ್ವ NGO ದಿನ
WORLD
NGO
DAY
ವಿಶ್ವ ಎನ್‌ಜಿಒ ದಿನವನ್ನು ಮಾನವ ಹಕ್ಕುಗಳನ್ನು ಮುನ್ನಡೆಸುವಲ್ಲಿ, ಸಾಮಾಜಿಕ ಮತ್ತು ಪರಿಸರ ಸವಾಲುಗಳನ್ನು ಪರಿಹರಿಸುವಲ್ಲಿ ಮತ್ತು ಸುಸ್ಥಿರ ಅಭಿವೃದ್ಧಿ ಗುರಿಗಳನ್ನು ಸಾಧಿಸುವಲ್ಲಿ ಎನ್‌ಜಿಒಗಳ ಪಾತ್ರ ಮತ್ತು ಪ್ರಭಾವ ಎಂಬ ವಿಷಯದೊಂದಿಗೆ ಆಚರಿಸಲಾಗುತ್ತದೆ. ಆರು ಖಂಡಗಳಿಗೂ ಹೆಚ್ಚು 89 ಕ್ಕೂ ಹೆಚ್ಚು ರಾಷ್ಟ್ರಗಳು ವಿಶ್ವ ಎನ್‌ಜಿಒ ದಿನಾಚರಣೆಯಲ್ಲಿ ಭಾಗವಹಿಸುತ್ತವೆ. ಸಾಮಾಜಿಕ ಉದ್ಯಮಿ ಮಾರ್ಸಿಸ್ ಲಿಯರ್ ಸ್ಕಾಡ್ಮನಿಸ್ ಇದನ್ನು 2009 ರಲ್ಲಿ ಆರಂಭದಲ್ಲಿ ಸ್ಥಾಪಿಸಿದರು. ಆದಾಗ್ಯೂ, ಫೆಬ್ರವರಿ 27, 2014 ರಂದು, ಇದನ್ನು ಮೊದಲ ಬಾರಿಗೆ ಆಚರಿಸಲಾಯಿತು. ಜಗತ್ತಿನ ಎಲ್ಲಾ ಲಾಭರಹಿತ ಮತ್ತು ಸರ್ಕಾರೇತರ ಸಂಸ್ಥೆಗಳ ಮಹತ್ವವನ್ನು ಗುರುತಿಸಲು ಇದು ಮೀಸಲಿಟ್ಟ ದಿನವಾಗಿದೆ. ಬಾಲ್ಟಿಕ್ ಸಮುದ್ರ ರಾಜ್ಯಗಳ ಮಂಡಳಿಯ ಮಾನ್ಯತೆ ಪಡೆದ ಪಾಲುದಾರರಾಗಿರುವ ಬಾಲ್ಟಿಕ್ ಸಮುದ್ರ NGO ವೇದಿಕೆಯನ್ನು ರೂಪಿಸುವ 12 ರಾಷ್ಟ್ರಗಳು 2010 ರಲ್ಲಿ ಔಪಚಾರಿಕವಾಗಿ ವಿಶ್ವ NGO ದಿನವನ್ನು ಘೋಷಿಸಿದವು. ಆದರೆ 2014 ರಲ್ಲಿ ಮಾತ್ರ ಯುರೋಪಿಯನ್ ಒಕ್ಕೂಟ, ವಿಶ್ವಸಂಸ್ಥೆ ಮತ್ತು ಇತರ ಅಂತರರಾಷ್ಟ್ರೀಯ ಸಂಸ್ಥೆಗಳು ಜಾಗತಿಕ ಮಟ್ಟದಲ್ಲಿ ಇದಕ್ಕೆ ಅಧಿಕೃತ ಮಾನ್ಯತೆ ನೀಡಿತು.
